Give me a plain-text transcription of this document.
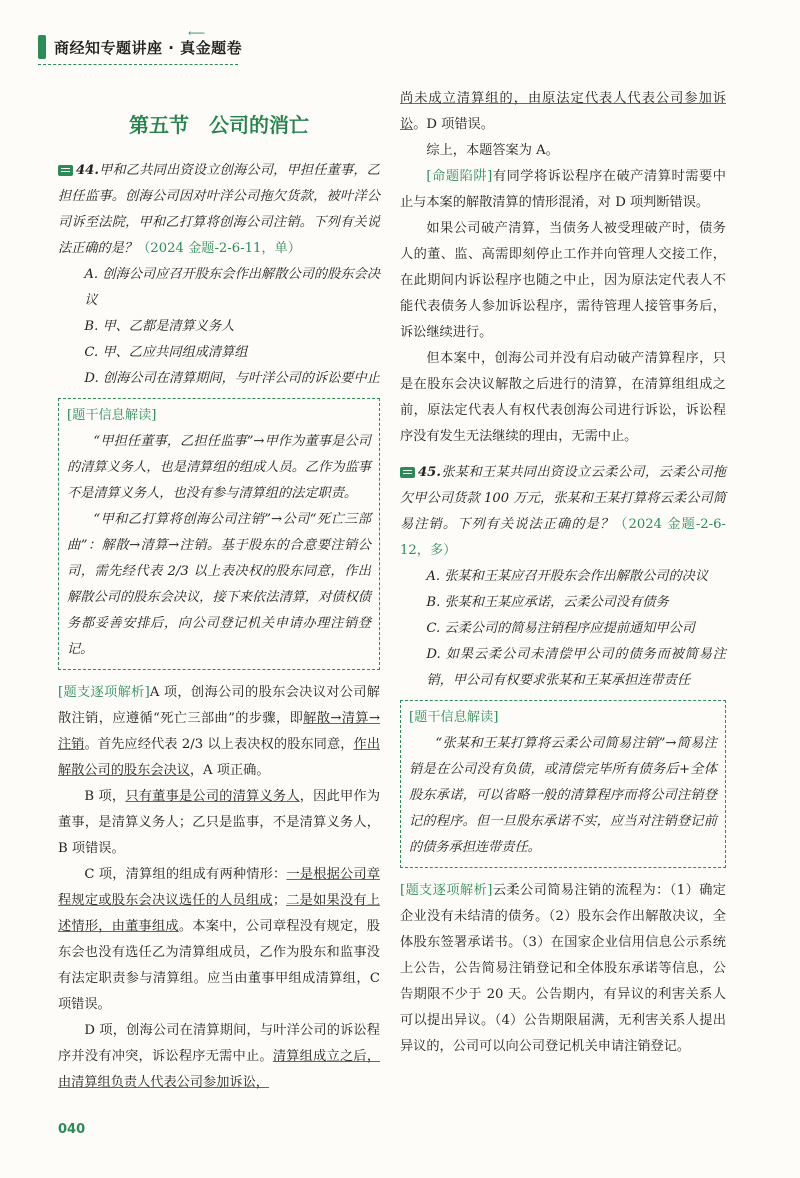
商经知专题讲座 · 真金题卷
⟵
第五节　公司的消亡

44.甲和乙共同出资设立创海公司，甲担任董事，乙担任监事。创海公司因对叶洋公司拖欠货款，被叶洋公司诉至法院，甲和乙打算将创海公司注销。下列有关说法正确的是？（2024 金题-2-6-11，单）

A. 创海公司应召开股东会作出解散公司的股东会决议

B. 甲、乙都是清算义务人

C. 甲、乙应共同组成清算组

D. 创海公司在清算期间，与叶洋公司的诉讼要中止

[题干信息解读]

“甲担任董事，乙担任监事”→甲作为董事是公司的清算义务人，也是清算组的组成人员。乙作为监事不是清算义务人，也没有参与清算组的法定职责。

“甲和乙打算将创海公司注销”→公司“死亡三部曲”：解散→清算→注销。基于股东的合意要注销公司，需先经代表 2/3 以上表决权的股东同意，作出解散公司的股东会决议，接下来依法清算，对债权债务都妥善安排后，向公司登记机关申请办理注销登记。

[题支逐项解析]A 项，创海公司的股东会决议对公司解散注销，应遵循“死亡三部曲”的步骤，即解散→清算→注销。首先应经代表 2/3 以上表决权的股东同意，作出解散公司的股东会决议，A 项正确。

B 项，只有董事是公司的清算义务人，因此甲作为董事，是清算义务人；乙只是监事，不是清算义务人，B 项错误。

C 项，清算组的组成有两种情形：一是根据公司章程规定或股东会决议选任的人员组成；二是如果没有上述情形，由董事组成。本案中，公司章程没有规定，股东会也没有选任乙为清算组成员，乙作为股东和监事没有法定职责参与清算组。应当由董事甲组成清算组，C 项错误。

D 项，创海公司在清算期间，与叶洋公司的诉讼程序并没有冲突，诉讼程序无需中止。清算组成立之后，由清算组负责人代表公司参加诉讼，

尚未成立清算组的，由原法定代表人代表公司参加诉讼。D 项错误。

综上，本题答案为 A。

[命题陷阱]有同学将诉讼程序在破产清算时需要中止与本案的解散清算的情形混淆，对 D 项判断错误。

如果公司破产清算，当债务人被受理破产时，债务人的董、监、高需即刻停止工作并向管理人交接工作，在此期间内诉讼程序也随之中止，因为原法定代表人不能代表债务人参加诉讼程序，需待管理人接管事务后，诉讼继续进行。

但本案中，创海公司并没有启动破产清算程序，只是在股东会决议解散之后进行的清算，在清算组组成之前，原法定代表人有权代表创海公司进行诉讼，诉讼程序没有发生无法继续的理由，无需中止。

45.张某和王某共同出资设立云柔公司，云柔公司拖欠甲公司货款 100 万元，张某和王某打算将云柔公司简易注销。下列有关说法正确的是？（2024 金题-2-6-12，多）

A. 张某和王某应召开股东会作出解散公司的决议

B. 张某和王某应承诺，云柔公司没有债务

C. 云柔公司的简易注销程序应提前通知甲公司

D. 如果云柔公司未清偿甲公司的债务而被简易注销，甲公司有权要求张某和王某承担连带责任

[题干信息解读]

“张某和王某打算将云柔公司简易注销”→简易注销是在公司没有负债，或清偿完毕所有债务后+全体股东承诺，可以省略一般的清算程序而将公司注销登记的程序。但一旦股东承诺不实，应当对注销登记前的债务承担连带责任。

[题支逐项解析]云柔公司简易注销的流程为：（1）确定企业没有未结清的债务。（2）股东会作出解散决议，全体股东签署承诺书。（3）在国家企业信用信息公示系统上公告，公告简易注销登记和全体股东承诺等信息，公告期限不少于 20 天。公告期内，有异议的利害关系人可以提出异议。（4）公告期限届满，无利害关系人提出异议的，公司可以向公司登记机关申请注销登记。

040
